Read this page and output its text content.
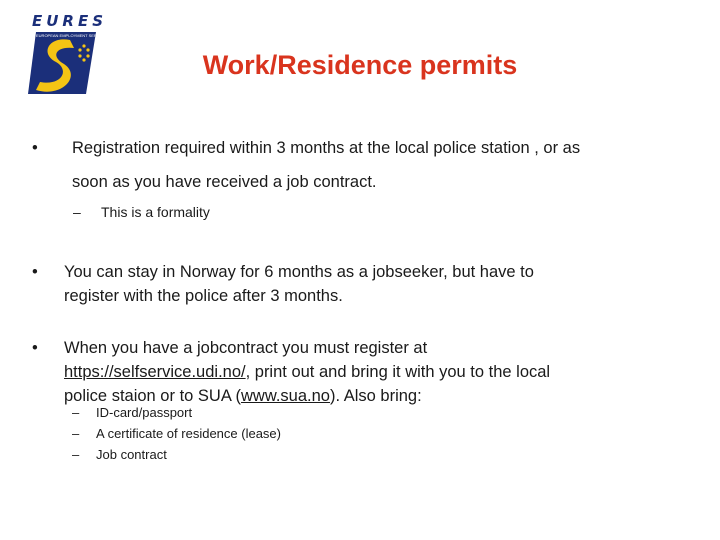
EURES
EUROPEAN EMPLOYMENT SERVICES
Work/Residence permits
• Registration required within 3 months at the local police station , or as
soon as you have received a job contract.
– This is a formality
• You can stay in Norway for 6 months as a jobseeker, but have to
register with the police after 3 months.
• When you have a jobcontract you must register at
https://selfservice.udi.no/, print out and bring it with you to the local
police staion or to SUA (www.sua.no). Also bring:
– ID-card/passport
– A certificate of residence (lease)
– Job contract
